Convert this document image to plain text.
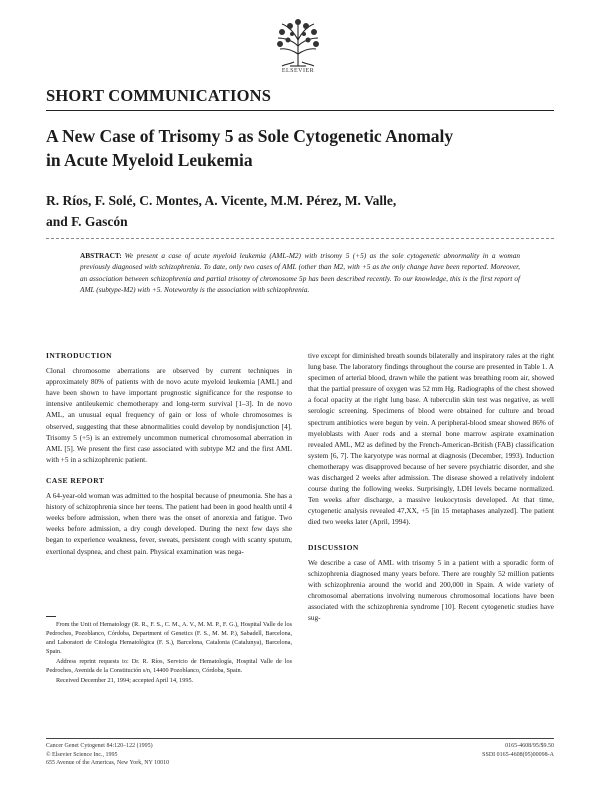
ELSEVIER
SHORT COMMUNICATIONS
A New Case of Trisomy 5 as Sole Cytogenetic Anomaly
in Acute Myeloid Leukemia
R. Ríos, F. Solé, C. Montes, A. Vicente, M.M. Pérez, M. Valle,
and F. Gascón
ABSTRACT: We present a case of acute myeloid leukemia (AML-M2) with trisomy 5 (+5) as the sole cytogenetic abnormality in a woman previously diagnosed with schizophrenia. To date, only two cases of AML (other than M2, with +5 as the only change have been reported. Moreover, an association between schizophrenia and partial trisomy of chromosome 5p has been described recently. To our knowledge, this is the first report of AML (subtype-M2) with +5. Noteworthy is the association with schizophrenia.
INTRODUCTION

Clonal chromosome aberrations are observed by current techniques in approximately 80% of patients with de novo acute myeloid leukemia [AML] and have been shown to have important prognostic significance for the response to intensive antileukemic chemotherapy and long-term survival [1–3]. In de novo AML, an unusual equal frequency of gain or loss of whole chromosomes is observed, suggesting that these abnormalities could develop by nondisjunction [4]. Trisomy 5 (+5) is an extremely uncommon numerical chromosomal aberration in AML [5]. We present the first case associated with subtype M2 and the first AML with +5 in a schizophrenic patient.

CASE REPORT

A 64-year-old woman was admitted to the hospital because of pneumonia. She has a history of schizophrenia since her teens. The patient had been in good health until 4 weeks before admission, when there was the onset of anorexia and fatigue. Two weeks before admission, a dry cough developed. During the next few days she began to experience weakness, fever, sweats, persistent cough with scanty sputum, exertional dyspnea, and chest pain. Physical examination was nega-

tive except for diminished breath sounds bilaterally and inspiratory rales at the right lung base. The laboratory findings throughout the course are presented in Table 1. A specimen of arterial blood, drawn while the patient was breathing room air, showed that the partial pressure of oxygen was 52 mm Hg. Radiographs of the chest showed a focal opacity at the right lung base. A tuberculin skin test was negative, as well serologic screening. Specimens of blood were obtained for culture and broad spectrum antibiotics were begun by vein. A peripheral-blood smear showed 86% of myeloblasts with Auer rods and a sternal bone marrow aspirate examination revealed AML, M2 as defined by the French-American-British (FAB) classification system [6, 7]. The karyotype was normal at diagnosis (December, 1993). Induction chemotherapy was disapproved because of her severe psychiatric disorder, and she was discharged 2 weeks after admission. The disease showed a relatively indolent course during the following weeks. Surprisingly, LDH levels became normalized. Ten weeks after discharge, a massive leukocytosis developed. At that time, cytogenetic analysis revealed 47,XX, +5 [in 15 metaphases analyzed]. The patient died two weeks later (April, 1994).

DISCUSSION

We describe a case of AML with trisomy 5 in a patient with a sporadic form of schizophrenia diagnosed many years before. There are roughly 52 million patients with schizophrenia around the world and 200,000 in Spain. A wide variety of chromosomal aberrations involving numerous chromosomal locations have been associated with the schizophrenia syndrome [10]. Recent cytogenetic studies have sug-

From the Unit of Hematology (R. R., F. S., C. M., A. V., M. M. P., F. G.), Hospital Valle de los Pedroches, Pozoblanco, Córdoba, Department of Genetics (F. S., M. M. P.), Sabadell, Barcelona, and Laboratori de Citologia Hematològica (F. S.), Barcelona, Catalonia (Catalunya), Barcelona, Spain.

Address reprint requests to: Dr. R. Ríos, Servicio de Hematología, Hospital Valle de los Pedroches, Avenida de la Constitución s/n, 14400 Pozoblanco, Córdoba, Spain.

Received December 21, 1994; accepted April 14, 1995.

Cancer Genet Cytogenet 84:120–122 (1995)
© Elsevier Science Inc., 1995
655 Avenue of the Americas, New York, NY 10010
0165-4608/95/$9.50
SSDI 0165-4608(95)00098-A
